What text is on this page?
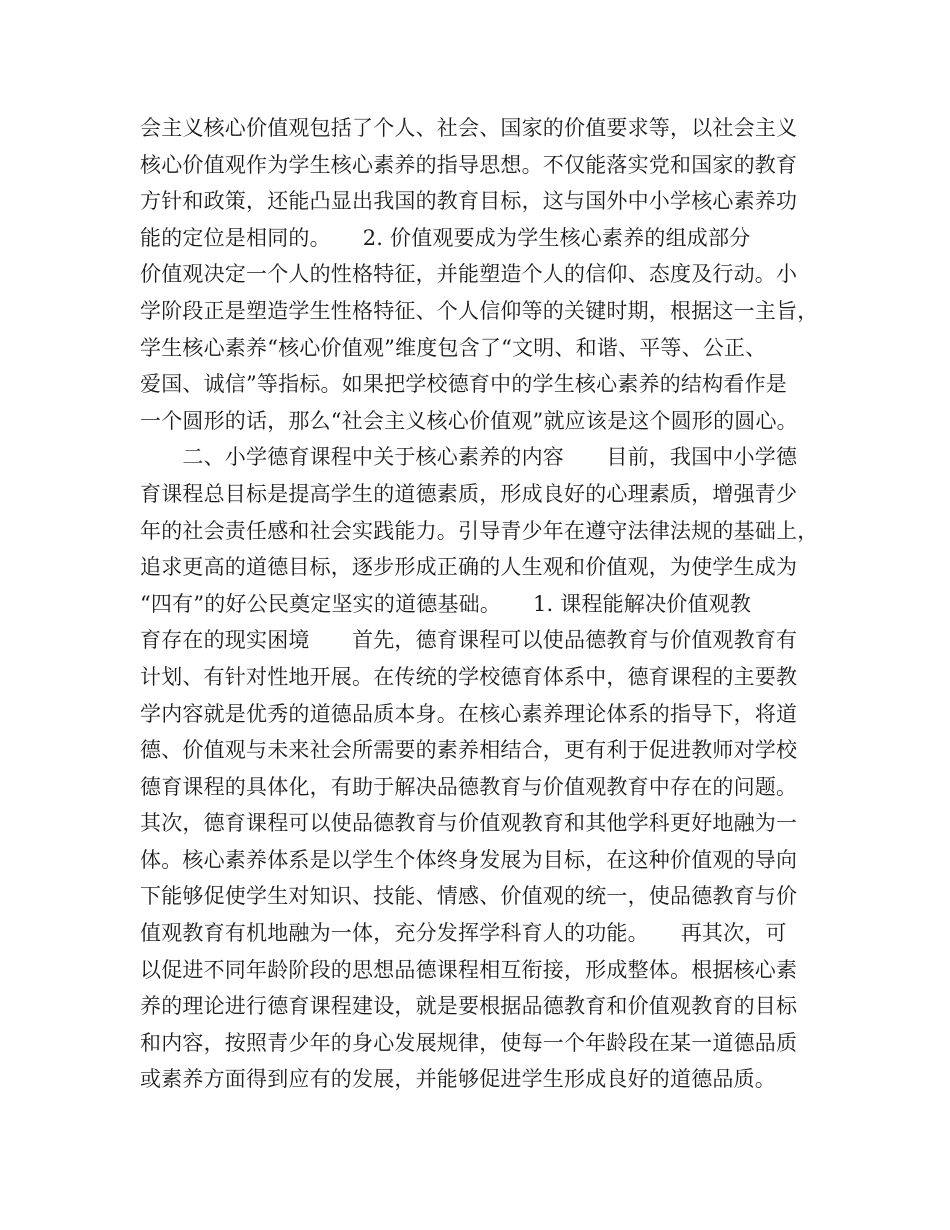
会主义核心价值观包括了个人、社会、国家的价值要求等，以社会主义
核心价值观作为学生核心素养的指导思想。不仅能落实党和国家的教育
方针和政策，还能凸显出我国的教育目标，这与国外中小学核心素养功
能的定位是相同的。　　2. 价值观要成为学生核心素养的组成部分
价值观决定一个人的性格特征，并能塑造个人的信仰、态度及行动。小
学阶段正是塑造学生性格特征、个人信仰等的关键时期，根据这一主旨，
学生核心素养“核心价值观”维度包含了“文明、和谐、平等、公正、
爱国、诚信”等指标。如果把学校德育中的学生核心素养的结构看作是
一个圆形的话，那么“社会主义核心价值观”就应该是这个圆形的圆心。
　　二、小学德育课程中关于核心素养的内容　　目前，我国中小学德
育课程总目标是提高学生的道德素质，形成良好的心理素质，增强青少
年的社会责任感和社会实践能力。引导青少年在遵守法律法规的基础上，
追求更高的道德目标，逐步形成正确的人生观和价值观，为使学生成为
“四有”的好公民奠定坚实的道德基础。　　1. 课程能解决价值观教
育存在的现实困境　　首先，德育课程可以使品德教育与价值观教育有
计划、有针对性地开展。在传统的学校德育体系中，德育课程的主要教
学内容就是优秀的道德品质本身。在核心素养理论体系的指导下，将道
德、价值观与未来社会所需要的素养相结合，更有利于促进教师对学校
德育课程的具体化，有助于解决品德教育与价值观教育中存在的问题。
其次，德育课程可以使品德教育与价值观教育和其他学科更好地融为一
体。核心素养体系是以学生个体终身发展为目标，在这种价值观的导向
下能够促使学生对知识、技能、情感、价值观的统一，使品德教育与价
值观教育有机地融为一体，充分发挥学科育人的功能。　　再其次，可
以促进不同年龄阶段的思想品德课程相互衔接，形成整体。根据核心素
养的理论进行德育课程建设，就是要根据品德教育和价值观教育的目标
和内容，按照青少年的身心发展规律，使每一个年龄段在某一道德品质
或素养方面得到应有的发展，并能够促进学生形成良好的道德品质。
